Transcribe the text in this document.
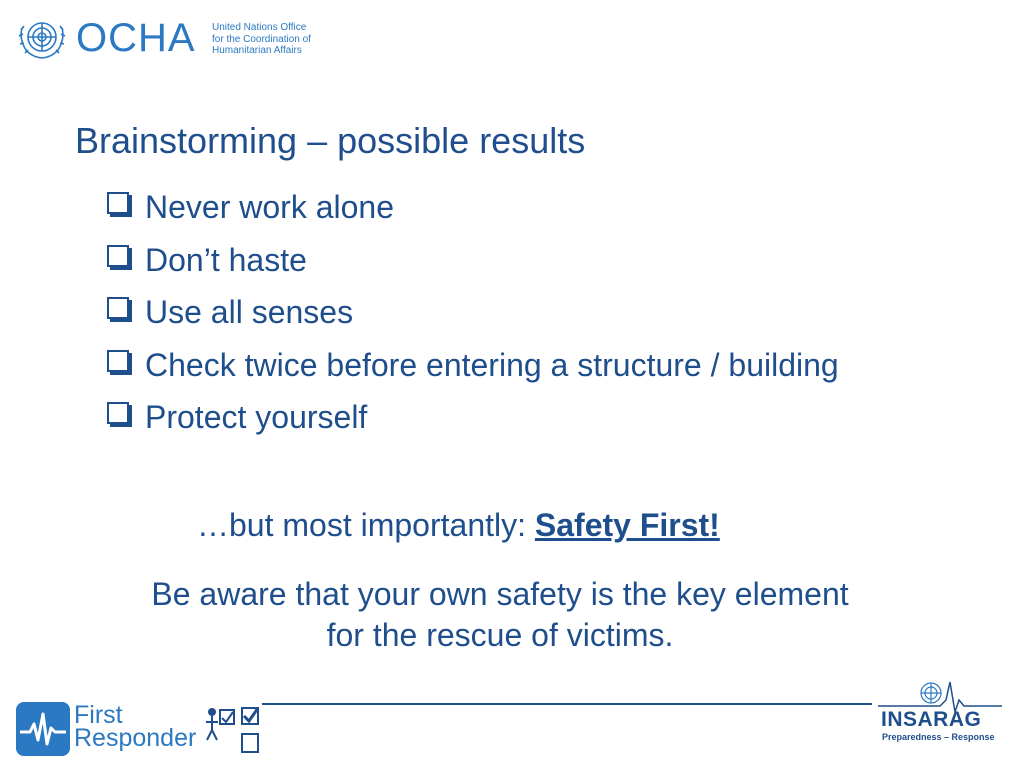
OCHA United Nations Office
for the Coordination of
Humanitarian Affairs
Brainstorming – possible results
Never work alone
Don’t haste
Use all senses
Check twice before entering a structure / building
Protect yourself
…but most importantly: Safety First!
Be aware that your own safety is the key element
for the rescue of victims.
First
Responder
INSARAG
Preparedness – Response
